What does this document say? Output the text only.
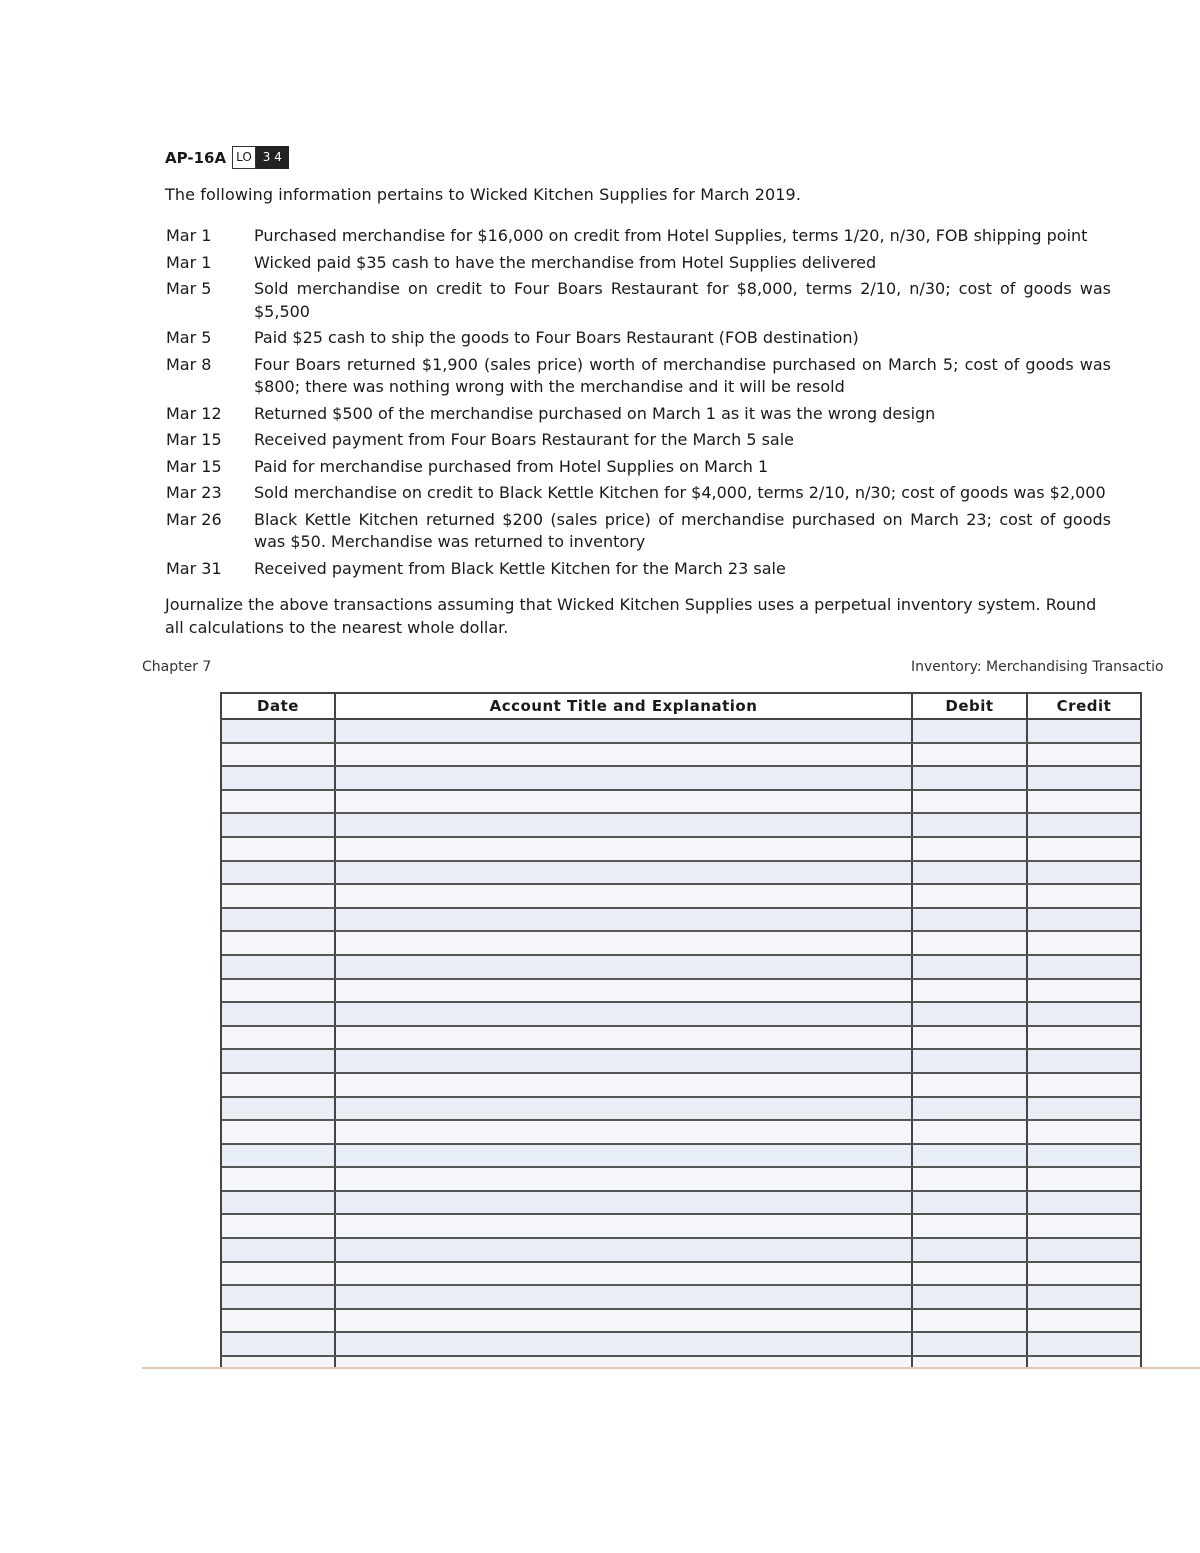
AP-16A LO 3 4
The following information pertains to Wicked Kitchen Supplies for March 2019.
Mar 1	Purchased merchandise for $16,000 on credit from Hotel Supplies, terms 1/20, n/30, FOB shipping point
Mar 1	Wicked paid $35 cash to have the merchandise from Hotel Supplies delivered
Mar 5	Sold merchandise on credit to Four Boars Restaurant for $8,000, terms 2/10, n/30; cost of goods was $5,500
Mar 5	Paid $25 cash to ship the goods to Four Boars Restaurant (FOB destination)
Mar 8	Four Boars returned $1,900 (sales price) worth of merchandise purchased on March 5; cost of goods was $800; there was nothing wrong with the merchandise and it will be resold
Mar 12	Returned $500 of the merchandise purchased on March 1 as it was the wrong design
Mar 15	Received payment from Four Boars Restaurant for the March 5 sale
Mar 15	Paid for merchandise purchased from Hotel Supplies on March 1
Mar 23	Sold merchandise on credit to Black Kettle Kitchen for $4,000, terms 2/10, n/30; cost of goods was $2,000
Mar 26	Black Kettle Kitchen returned $200 (sales price) of merchandise purchased on March 23; cost of goods was $50. Merchandise was returned to inventory
Mar 31	Received payment from Black Kettle Kitchen for the March 23 sale
Journalize the above transactions assuming that Wicked Kitchen Supplies uses a perpetual inventory system. Round all calculations to the nearest whole dollar.
Chapter 7	Inventory: Merchandising Transactio
Date	Account Title and Explanation	Debit	Credit
